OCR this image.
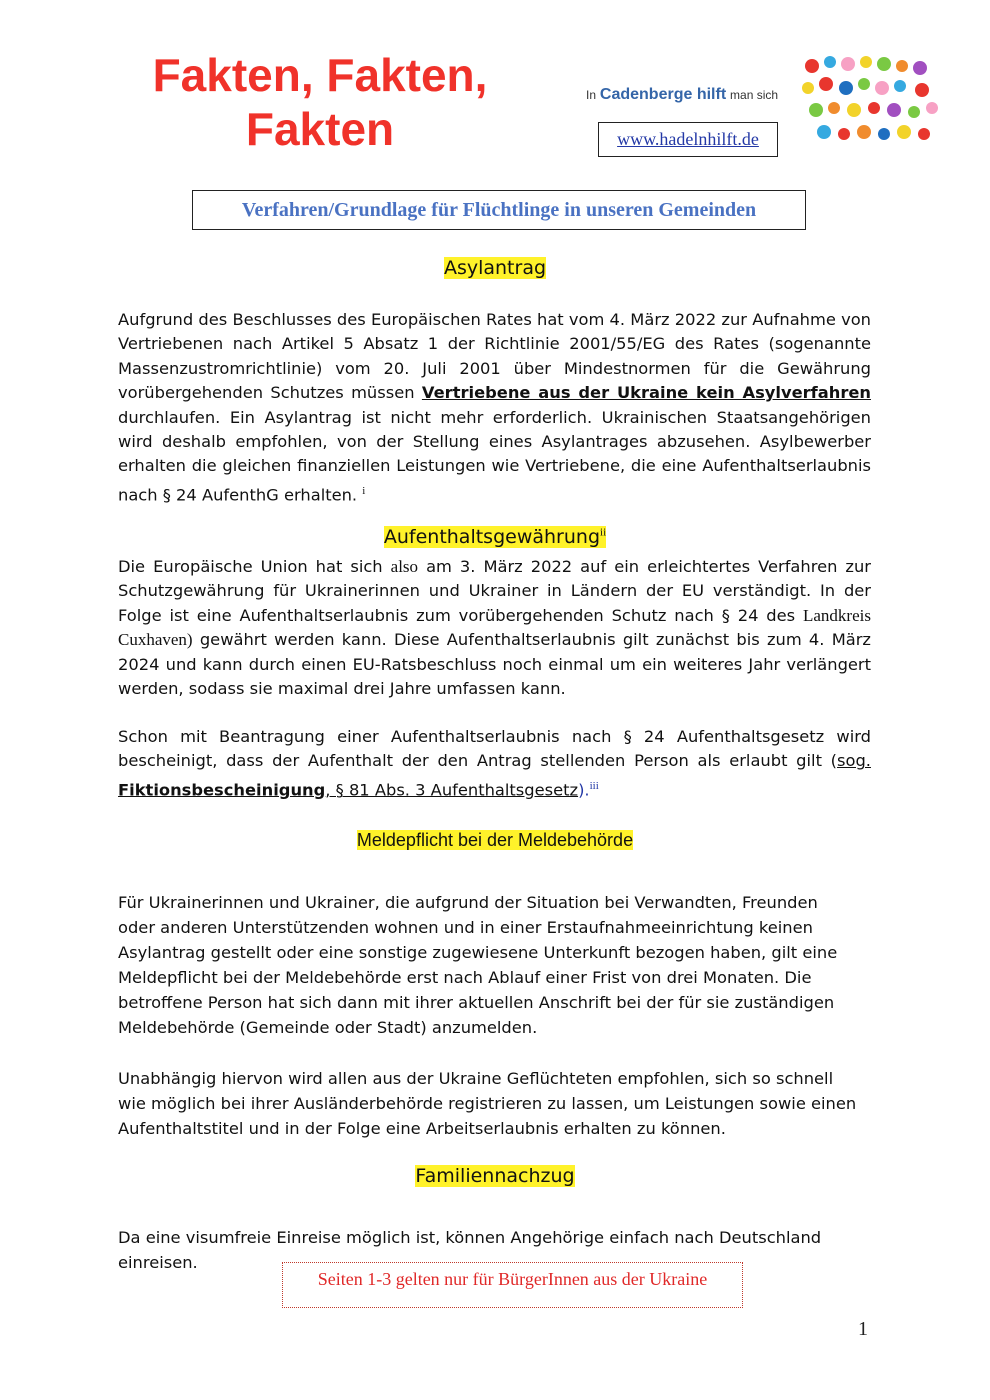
Fakten, Fakten, Fakten
In Cadenberge hilft man sich
www.hadelnhilft.de
Verfahren/Grundlage für Flüchtlinge in unseren Gemeinden
Asylantrag
Aufgrund des Beschlusses des Europäischen Rates hat vom 4. März 2022 zur Aufnahme von Vertriebenen nach Artikel 5 Absatz 1 der Richtlinie 2001/55/EG des Rates (sogenannte Massenzustromrichtlinie) vom 20. Juli 2001 über Mindestnormen für die Gewährung vorübergehenden Schutzes müssen Vertriebene aus der Ukraine kein Asylverfahren durchlaufen. Ein Asylantrag ist nicht mehr erforderlich. Ukrainischen Staatsangehörigen wird deshalb empfohlen, von der Stellung eines Asylantrages abzusehen. Asylbewerber erhalten die gleichen finanziellen Leistungen wie Vertriebene, die eine Aufenthaltserlaubnis nach § 24 AufenthG erhalten. $^i$
Aufenthaltsgewährung$^{ii}$
Die Europäische Union hat sich also am 3. März 2022 auf ein erleichtertes Verfahren zur Schutzgewährung für Ukrainerinnen und Ukrainer in Ländern der EU verständigt. In der Folge ist eine Aufenthaltserlaubnis zum vorübergehenden Schutz nach § 24 des Landkreis Cuxhaven) gewährt werden kann. Diese Aufenthaltserlaubnis gilt zunächst bis zum 4. März 2024 und kann durch einen EU-Ratsbeschluss noch einmal um ein weiteres Jahr verlängert werden, sodass sie maximal drei Jahre umfassen kann.
Schon mit Beantragung einer Aufenthaltserlaubnis nach § 24 Aufenthaltsgesetz wird bescheinigt, dass der Aufenthalt der den Antrag stellenden Person als erlaubt gilt (sog. Fiktionsbescheinigung, § 81 Abs. 3 Aufenthaltsgesetz).$^{iii}$
Meldepflicht bei der Meldebehörde
Für Ukrainerinnen und Ukrainer, die aufgrund der Situation bei Verwandten, Freunden oder anderen Unterstützenden wohnen und in einer Erstaufnahmeeinrichtung keinen Asylantrag gestellt oder eine sonstige zugewiesene Unterkunft bezogen haben, gilt eine Meldepflicht bei der Meldebehörde erst nach Ablauf einer Frist von drei Monaten. Die betroffene Person hat sich dann mit ihrer aktuellen Anschrift bei der für sie zuständigen Meldebehörde (Gemeinde oder Stadt) anzumelden.
Unabhängig hiervon wird allen aus der Ukraine Geflüchteten empfohlen, sich so schnell wie möglich bei ihrer Ausländerbehörde registrieren zu lassen, um Leistungen sowie einen Aufenthaltstitel und in der Folge eine Arbeitserlaubnis erhalten zu können.
Familiennachzug
Da eine visumfreie Einreise möglich ist, können Angehörige einfach nach Deutschland einreisen.
Seiten 1-3 gelten nur für BürgerInnen aus der Ukraine
1
